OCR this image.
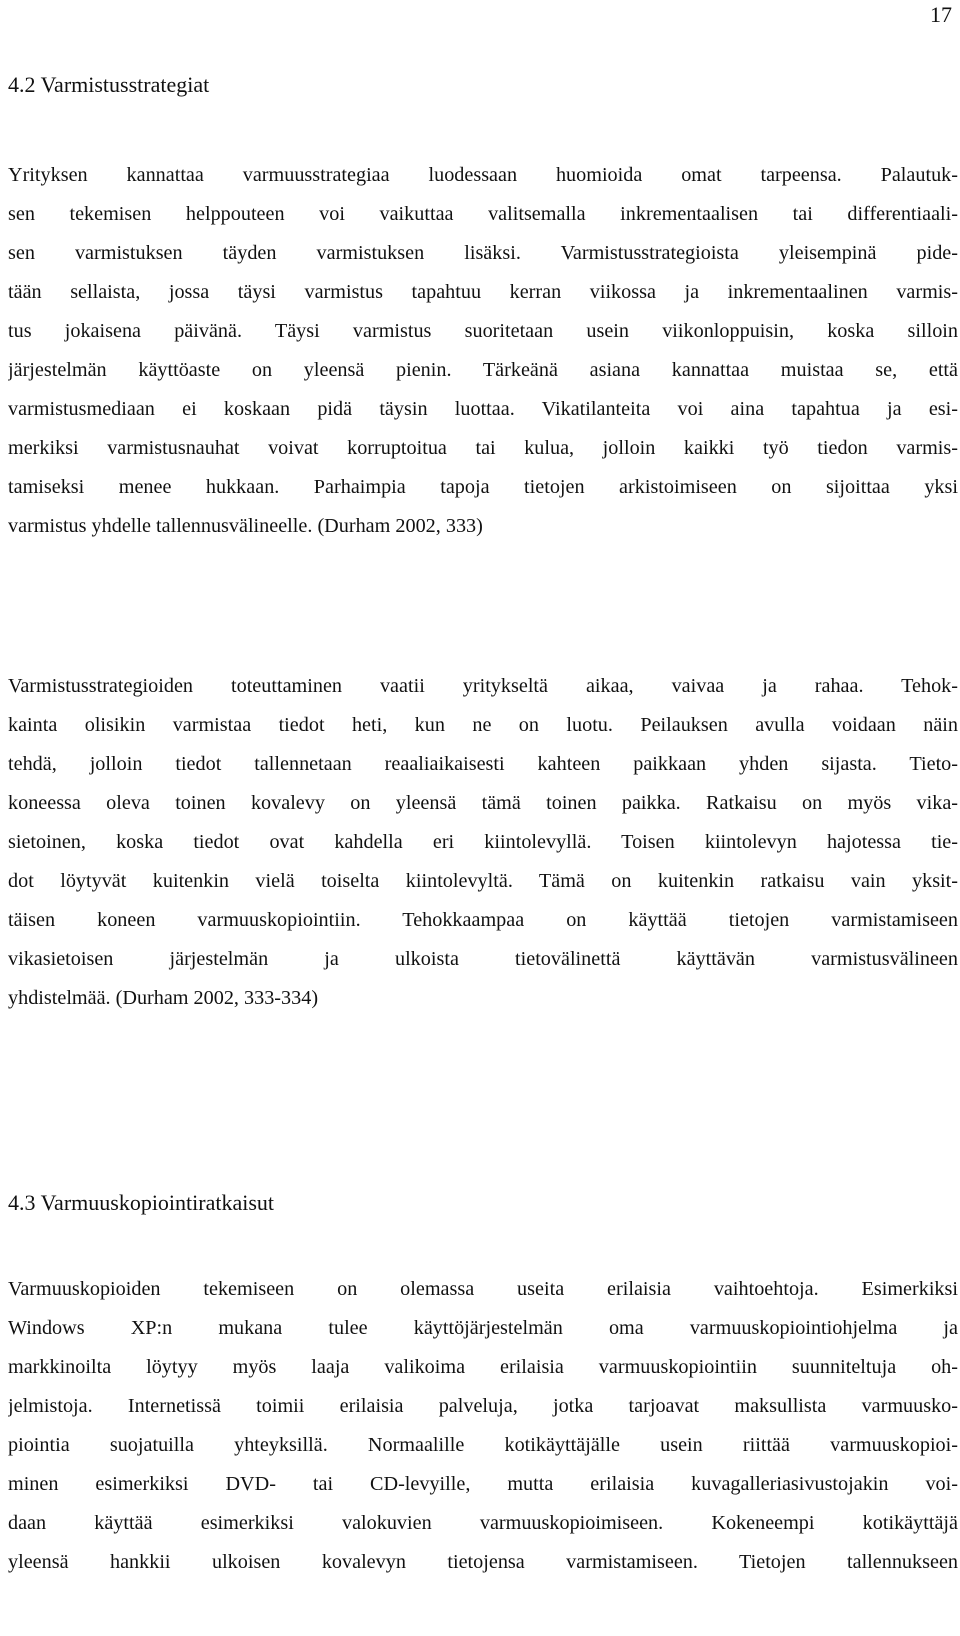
17
4.2 Varmistusstrategiat
Yrityksen kannattaa varmuusstrategiaa luodessaan huomioida omat tarpeensa. Palautuk-
sen tekemisen helppouteen voi vaikuttaa valitsemalla inkrementaalisen tai differentiaali-
sen varmistuksen täyden varmistuksen lisäksi. Varmistusstrategioista yleisempinä pide-
tään sellaista, jossa täysi varmistus tapahtuu kerran viikossa ja inkrementaalinen varmis-
tus jokaisena päivänä. Täysi varmistus suoritetaan usein viikonloppuisin, koska silloin
järjestelmän käyttöaste on yleensä pienin. Tärkeänä asiana kannattaa muistaa se, että
varmistusmediaan ei koskaan pidä täysin luottaa. Vikatilanteita voi aina tapahtua ja esi-
merkiksi varmistusnauhat voivat korruptoitua tai kulua, jolloin kaikki työ tiedon varmis-
tamiseksi menee hukkaan. Parhaimpia tapoja tietojen arkistoimiseen on sijoittaa yksi
varmistus yhdelle tallennusvälineelle. (Durham 2002, 333)
Varmistusstrategioiden toteuttaminen vaatii yritykseltä aikaa, vaivaa ja rahaa. Tehok-
kainta olisikin varmistaa tiedot heti, kun ne on luotu. Peilauksen avulla voidaan näin
tehdä, jolloin tiedot tallennetaan reaaliaikaisesti kahteen paikkaan yhden sijasta. Tieto-
koneessa oleva toinen kovalevy on yleensä tämä toinen paikka. Ratkaisu on myös vika-
sietoinen, koska tiedot ovat kahdella eri kiintolevyllä. Toisen kiintolevyn hajotessa tie-
dot löytyvät kuitenkin vielä toiselta kiintolevyltä. Tämä on kuitenkin ratkaisu vain yksit-
täisen koneen varmuuskopiointiin. Tehokkaampaa on käyttää tietojen varmistamiseen
vikasietoisen järjestelmän ja ulkoista tietovälinettä käyttävän varmistusvälineen
yhdistelmää. (Durham 2002, 333-334)
4.3 Varmuuskopiointiratkaisut
Varmuuskopioiden tekemiseen on olemassa useita erilaisia vaihtoehtoja. Esimerkiksi
Windows XP:n mukana tulee käyttöjärjestelmän oma varmuuskopiointiohjelma ja
markkinoilta löytyy myös laaja valikoima erilaisia varmuuskopiointiin suunniteltuja oh-
jelmistoja. Internetissä toimii erilaisia palveluja, jotka tarjoavat maksullista varmuusko-
piointia suojatuilla yhteyksillä. Normaalille kotikäyttäjälle usein riittää varmuuskopioi-
minen esimerkiksi DVD- tai CD-levyille, mutta erilaisia kuvagalleriasivustojakin voi-
daan käyttää esimerkiksi valokuvien varmuuskopioimiseen. Kokeneempi kotikäyttäjä
yleensä hankkii ulkoisen kovalevyn tietojensa varmistamiseen. Tietojen tallennukseen
